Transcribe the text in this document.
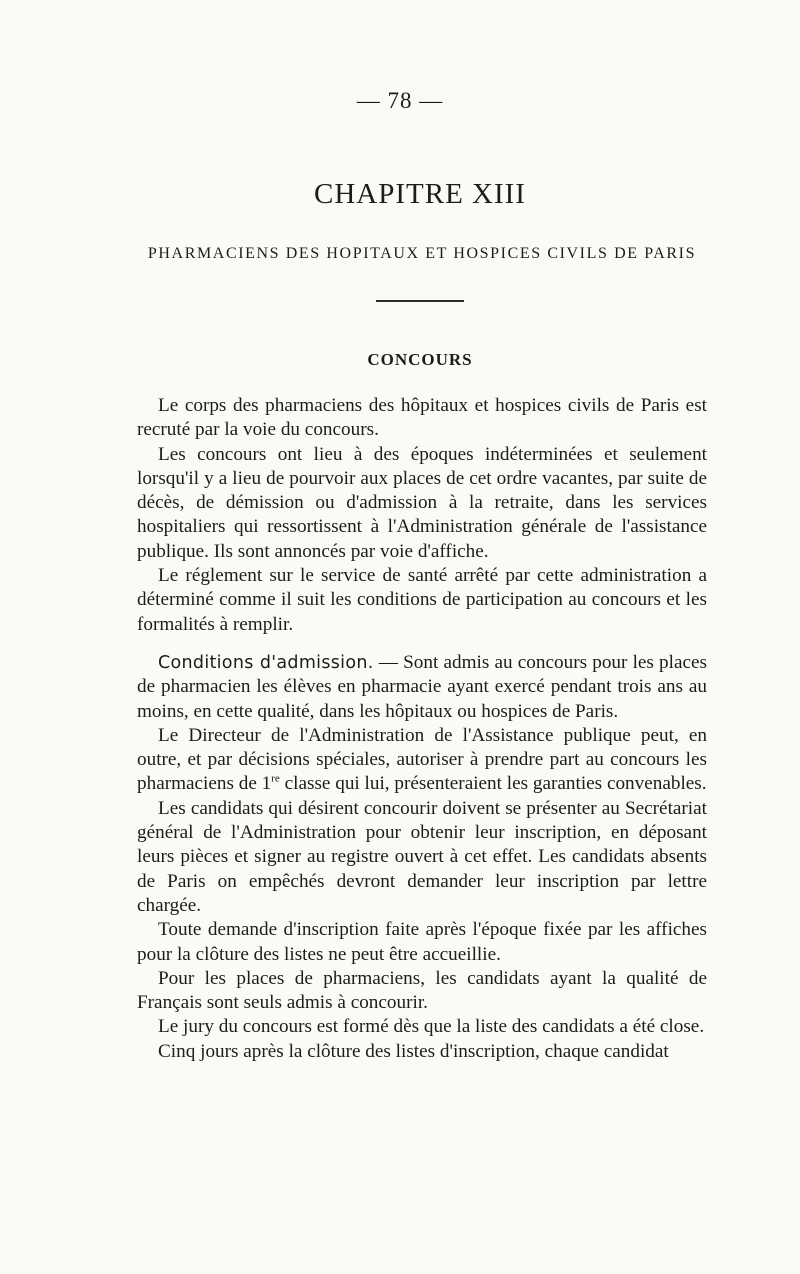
— 78 —
CHAPITRE XIII
PHARMACIENS DES HOPITAUX ET HOSPICES CIVILS DE PARIS
CONCOURS

Le corps des pharmaciens des hôpitaux et hospices civils de Paris est recruté par la voie du concours.

Les concours ont lieu à des époques indéterminées et seulement lorsqu'il y a lieu de pourvoir aux places de cet ordre vacantes, par suite de décès, de démission ou d'admission à la retraite, dans les services hospitaliers qui ressortissent à l'Administration générale de l'assistance publique. Ils sont annoncés par voie d'affiche.

Le réglement sur le service de santé arrêté par cette administration a déterminé comme il suit les conditions de participation au concours et les formalités à remplir.

Conditions d'admission. — Sont admis au concours pour les places de pharmacien les élèves en pharmacie ayant exercé pendant trois ans au moins, en cette qualité, dans les hôpitaux ou hospices de Paris.

Le Directeur de l'Administration de l'Assistance publique peut, en outre, et par décisions spéciales, autoriser à prendre part au concours les pharmaciens de 1re classe qui lui, présenteraient les garanties convenables.

Les candidats qui désirent concourir doivent se présenter au Secrétariat général de l'Administration pour obtenir leur inscription, en déposant leurs pièces et signer au registre ouvert à cet effet. Les candidats absents de Paris on empêchés devront demander leur inscription par lettre chargée.

Toute demande d'inscription faite après l'époque fixée par les affiches pour la clôture des listes ne peut être accueillie.

Pour les places de pharmaciens, les candidats ayant la qualité de Français sont seuls admis à concourir.

Le jury du concours est formé dès que la liste des candidats a été close.

Cinq jours après la clôture des listes d'inscription, chaque candidat
